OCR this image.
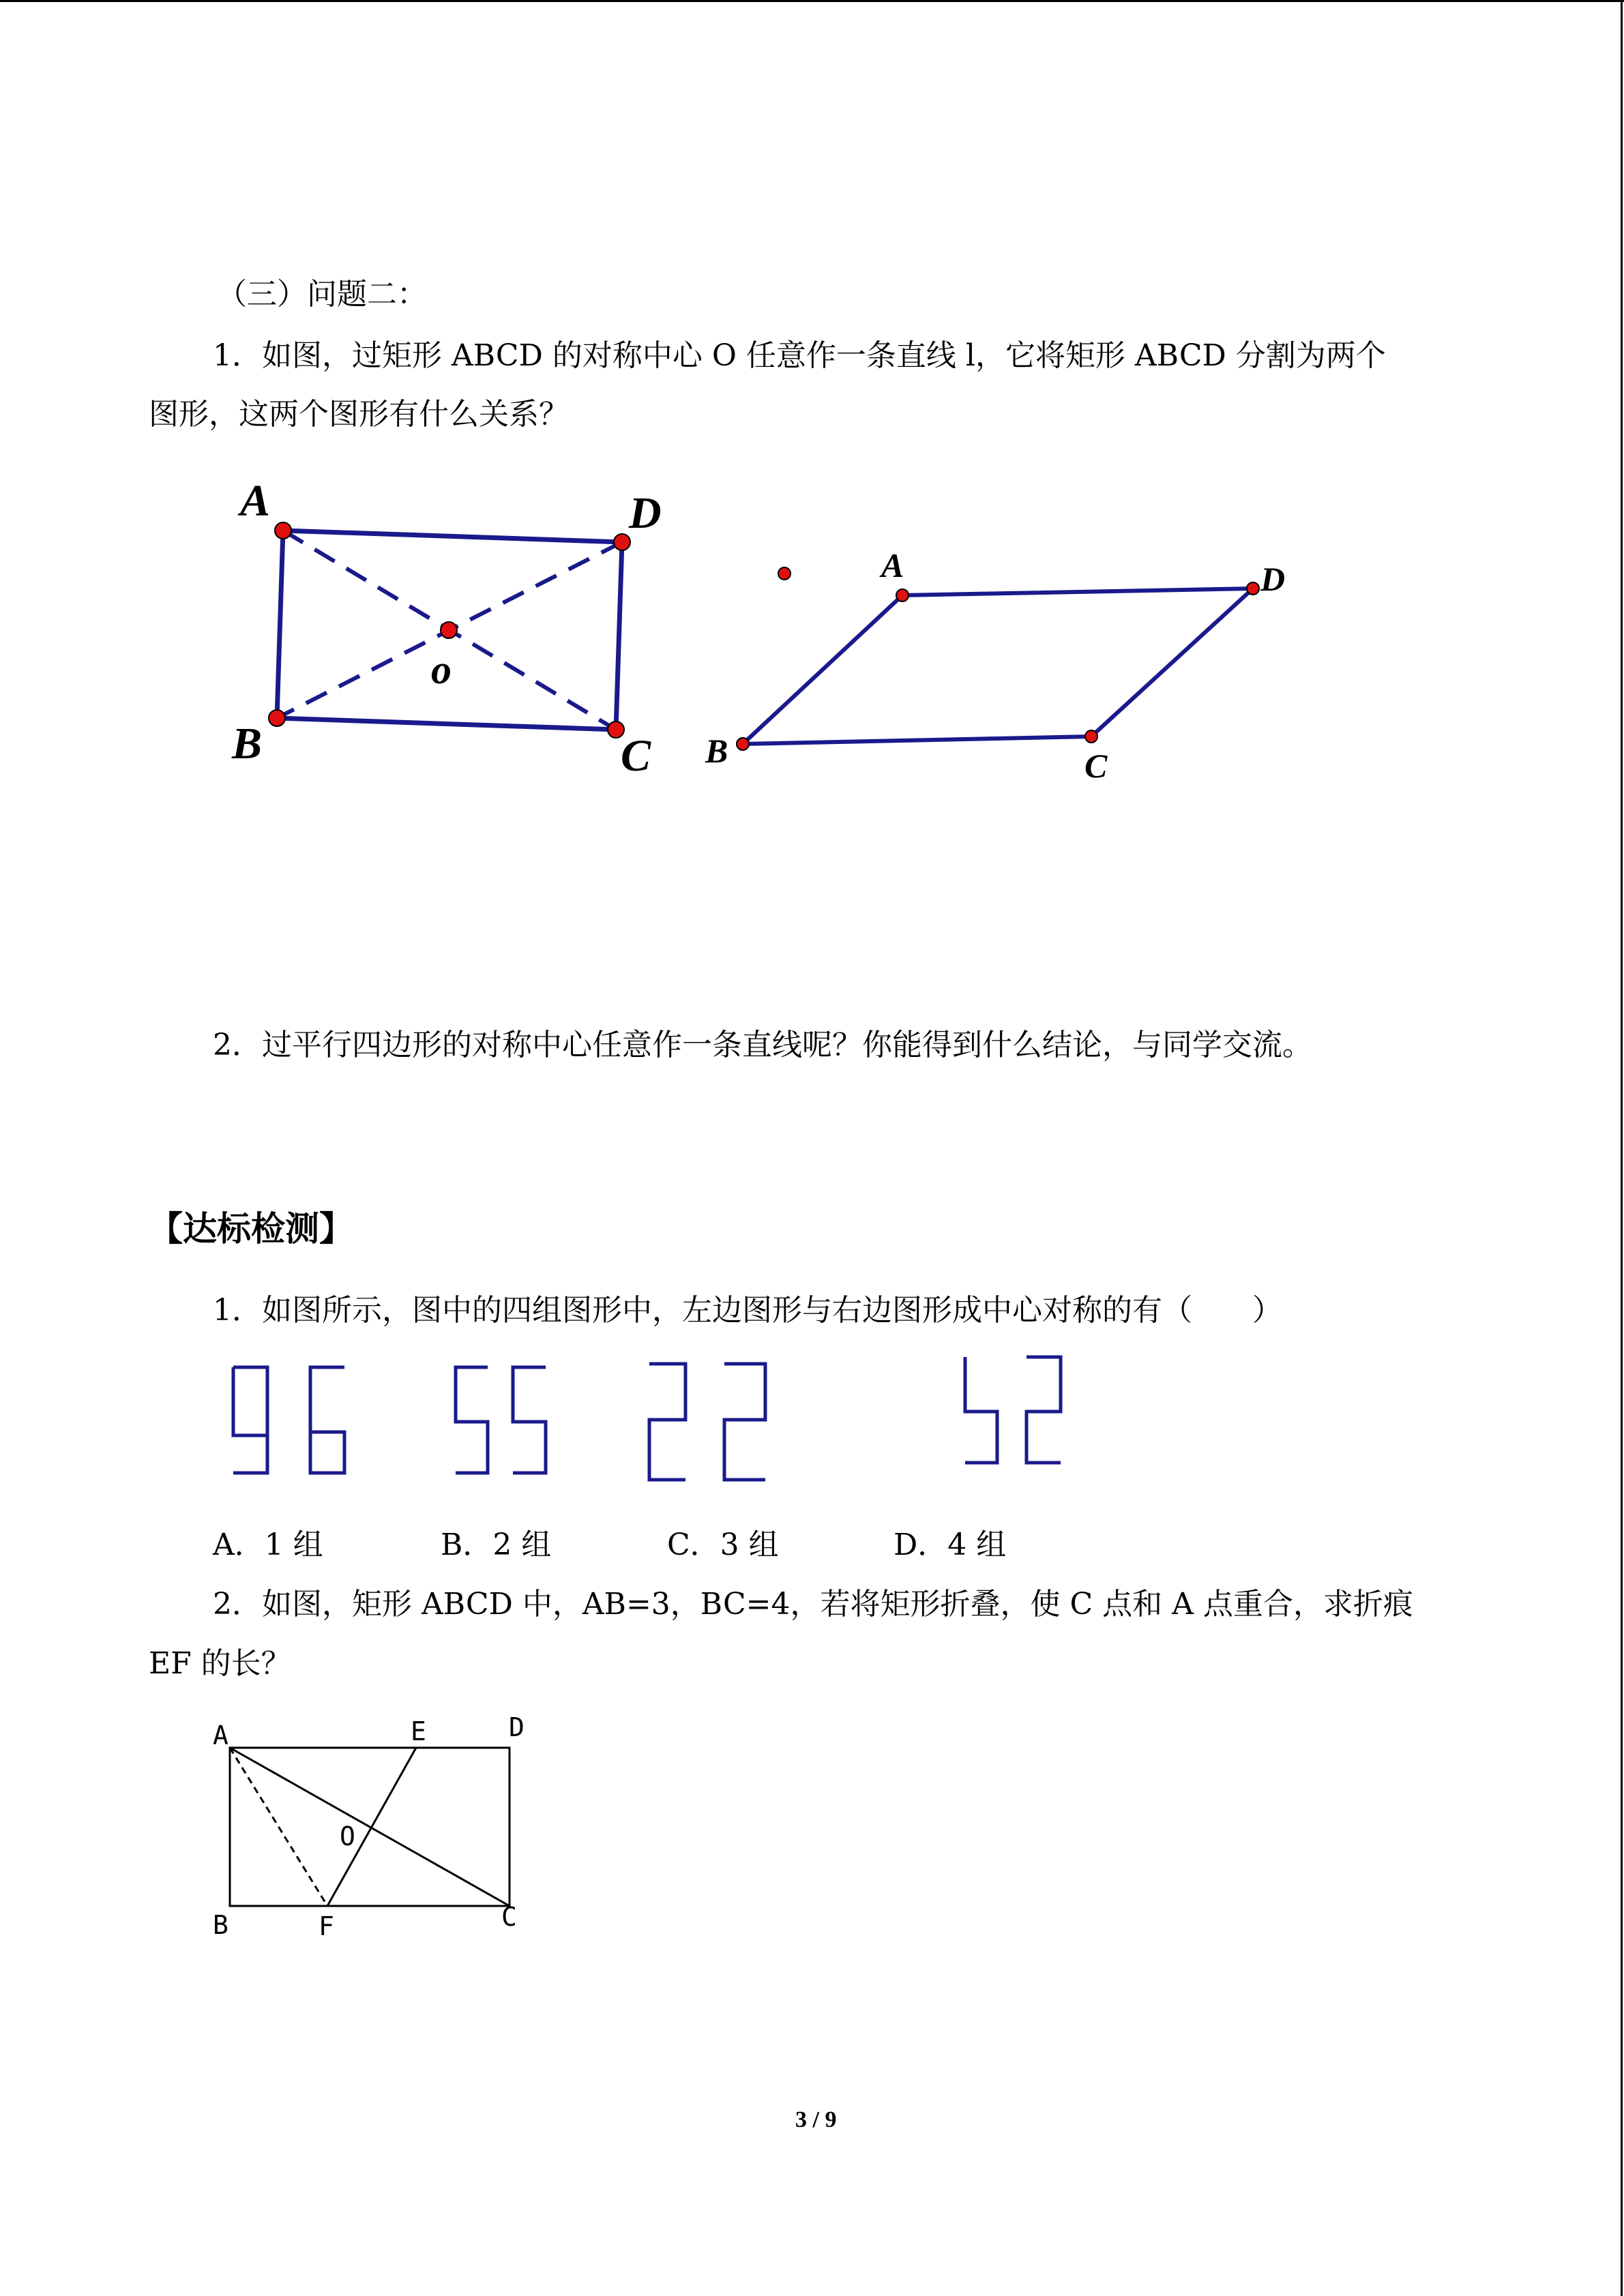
（三）问题二：
1．如图，过矩形 ABCD 的对称中心 O 任意作一条直线 l，它将矩形 ABCD 分割为两个
图形，这两个图形有什么关系？
A	D
B	C
o
A	D
B	C
2．过平行四边形的对称中心任意作一条直线呢？你能得到什么结论，与同学交流。
【达标检测】
1．如图所示，图中的四组图形中，左边图形与右边图形成中心对称的有（　　）
A．1 组	B．2 组	C．3 组	D．4 组
2．如图，矩形 ABCD 中，AB=3，BC=4，若将矩形折叠，使 C 点和 A 点重合，求折痕
EF 的长？
A	E	D
O
B	F	C
3 / 9
